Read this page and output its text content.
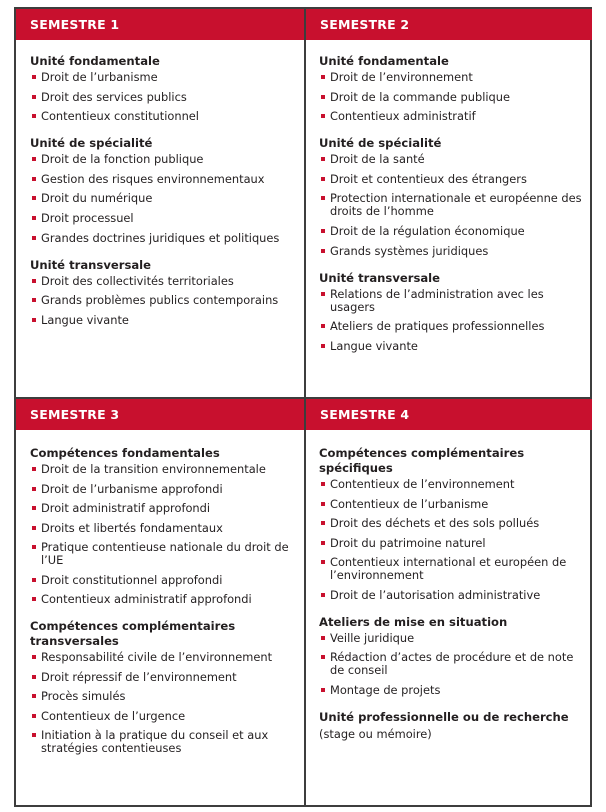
SEMESTRE 1	SEMESTRE 2
SEMESTRE 3	SEMESTRE 4
Unité fondamentale
Droit de l’urbanisme
Droit des services publics
Contentieux constitutionnel
Unité de spécialité
Droit de la fonction publique
Gestion des risques environnementaux
Droit du numérique
Droit processuel
Grandes doctrines juridiques et politiques
Unité transversale
Droit des collectivités territoriales
Grands problèmes publics contemporains
Langue vivante
Unité fondamentale
Droit de l’environnement
Droit de la commande publique
Contentieux administratif
Unité de spécialité
Droit de la santé
Droit et contentieux des étrangers
Protection internationale et européenne des droits de l’homme
Droit de la régulation économique
Grands systèmes juridiques
Unité transversale
Relations de l’administration avec les usagers
Ateliers de pratiques professionnelles
Langue vivante
Compétences fondamentales
Droit de la transition environnementale
Droit de l’urbanisme approfondi
Droit administratif approfondi
Droits et libertés fondamentaux
Pratique contentieuse nationale du droit de l’UE
Droit constitutionnel approfondi
Contentieux administratif approfondi
Compétences complémentaires transversales
Responsabilité civile de l’environnement
Droit répressif de l’environnement
Procès simulés
Contentieux de l’urgence
Initiation à la pratique du conseil et aux stratégies contentieuses
Compétences complémentaires spécifiques
Contentieux de l’environnement
Contentieux de l’urbanisme
Droit des déchets et des sols pollués
Droit du patrimoine naturel
Contentieux international et européen de l’environnement
Droit de l’autorisation administrative
Ateliers de mise en situation
Veille juridique
Rédaction d’actes de procédure et de note de conseil
Montage de projets
Unité professionnelle ou de recherche
(stage ou mémoire)
